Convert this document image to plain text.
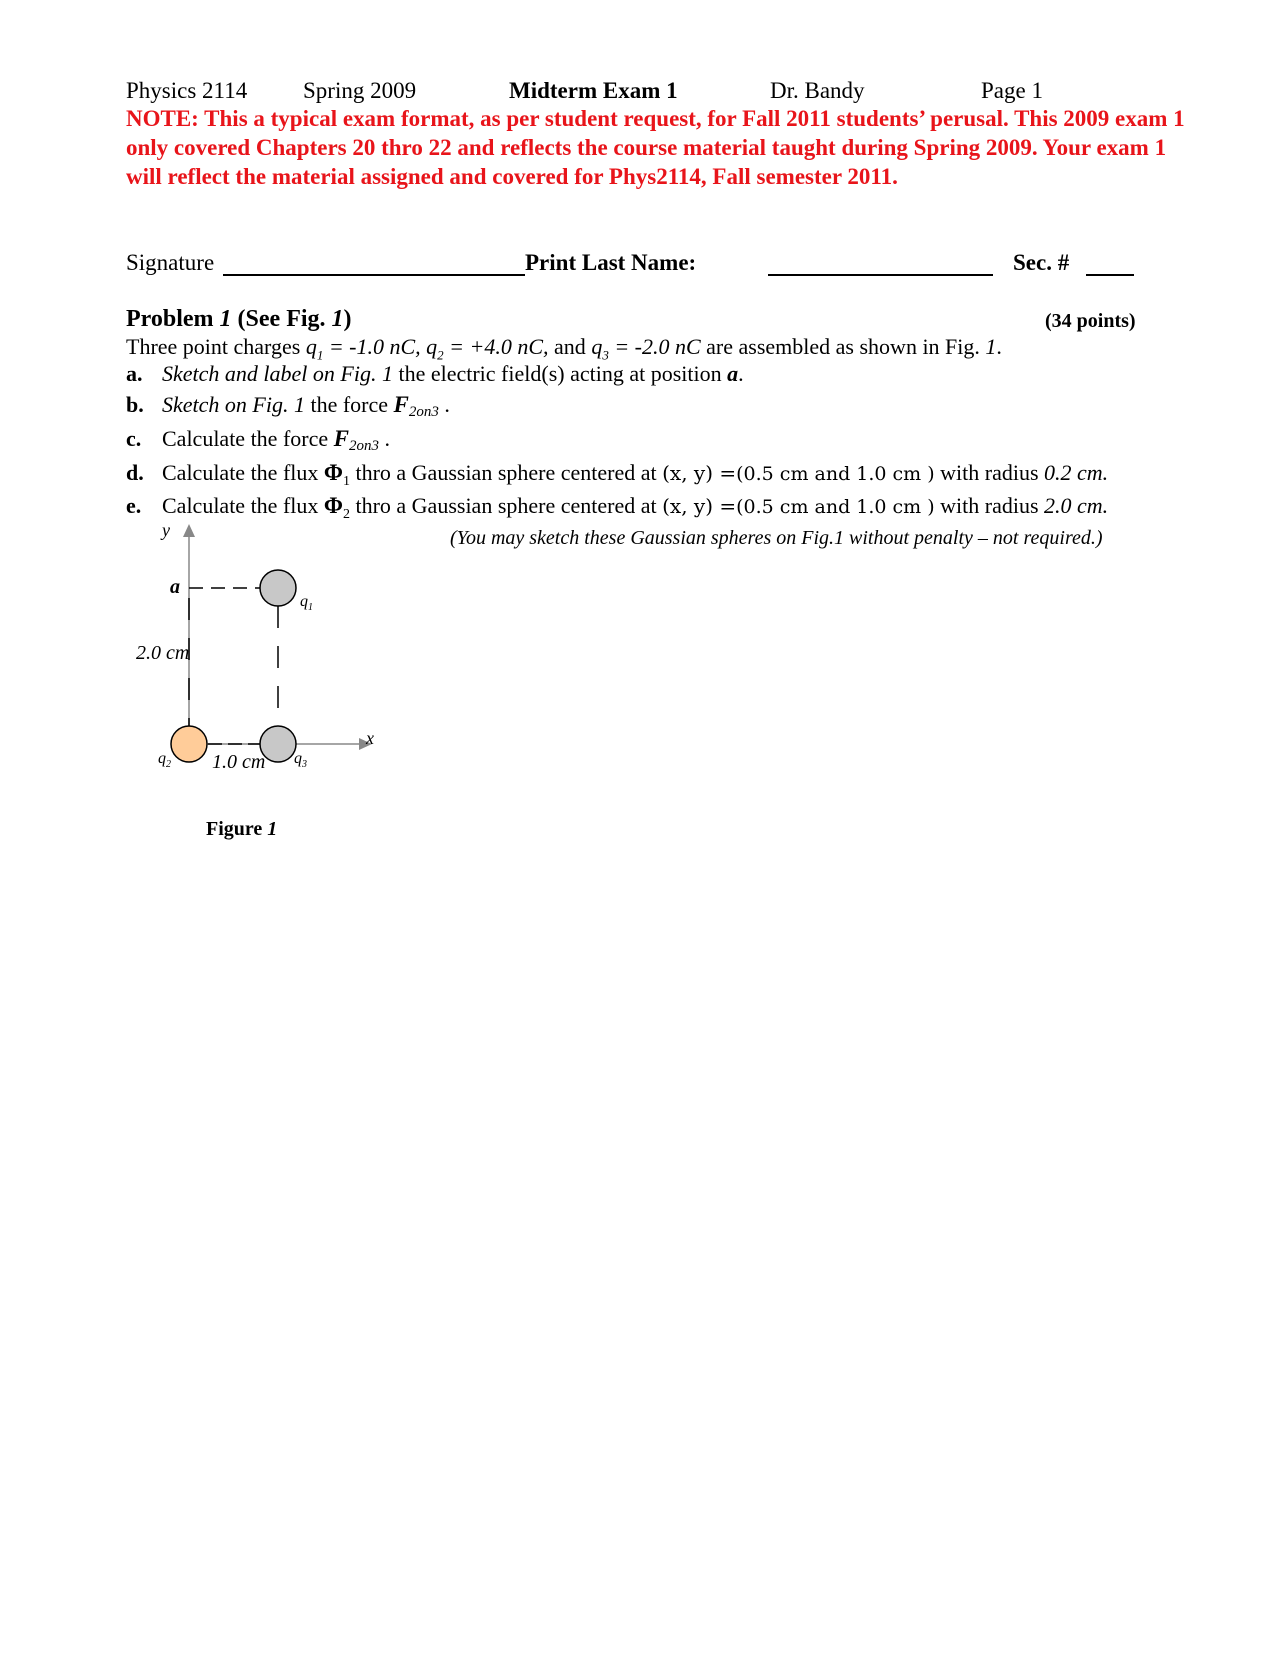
Physics 2114 Spring 2009	Midterm Exam 1	Dr. Bandy	Page 1
NOTE: This a typical exam format, as per student request, for Fall 2011 students’ perusal. This 2009 exam 1 only covered Chapters 20 thro 22 and reflects the course material taught during Spring 2009. Your exam 1 will reflect the material assigned and covered for Phys2114, Fall semester 2011.
Signature	Print Last Name:	Sec. #
Problem 1 (See Fig. 1)	(34 points)
Three point charges $q_1 = -1.0$ nC, $q_2 = +4.0$ nC, and $q_3 = -2.0$ nC are assembled as shown in Fig. 1.
a. Sketch and label on Fig. 1 the electric field(s) acting at position a.
b. Sketch on Fig. 1 the force F2on3 .
c. Calculate the force F2on3 .
d. Calculate the flux $\Phi_1$ thro a Gaussian sphere centered at (x, y) =(0.5 cm and 1.0 cm ) with radius 0.2 cm.
e. Calculate the flux $\Phi_2$ thro a Gaussian sphere centered at (x, y) =(0.5 cm and 1.0 cm ) with radius 2.0 cm.
(You may sketch these Gaussian spheres on Fig.1 without penalty – not required.)
y
a
$q_1$
2.0 cm
x
$q_2$ 1.0 cm $q_3$
Figure 1
